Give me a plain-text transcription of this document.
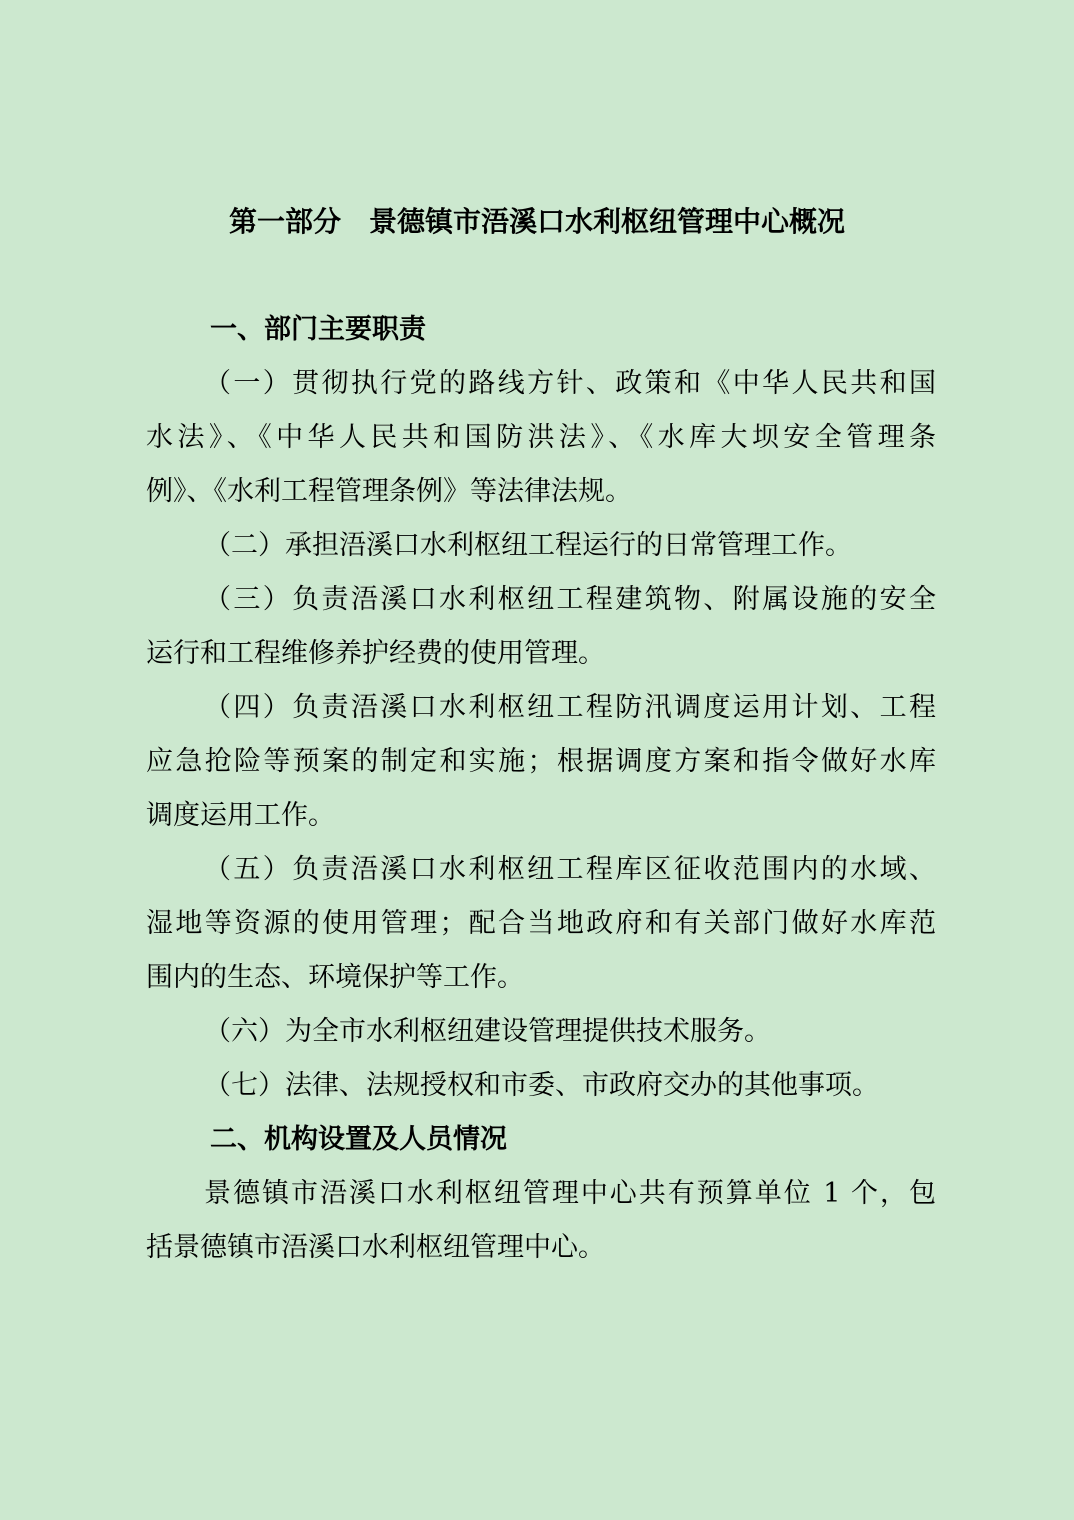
第一部分　景德镇市浯溪口水利枢纽管理中心概况
一、部门主要职责
（一）贯彻执行党的路线方针、政策和《中华人民共和国
水法》、《中华人民共和国防洪法》、《水库大坝安全管理条
例》、《水利工程管理条例》等法律法规。
（二）承担浯溪口水利枢纽工程运行的日常管理工作。
（三）负责浯溪口水利枢纽工程建筑物、附属设施的安全
运行和工程维修养护经费的使用管理。
（四）负责浯溪口水利枢纽工程防汛调度运用计划、工程
应急抢险等预案的制定和实施；根据调度方案和指令做好水库
调度运用工作。
（五）负责浯溪口水利枢纽工程库区征收范围内的水域、
湿地等资源的使用管理；配合当地政府和有关部门做好水库范
围内的生态、环境保护等工作。
（六）为全市水利枢纽建设管理提供技术服务。
（七）法律、法规授权和市委、市政府交办的其他事项。
二、机构设置及人员情况
景德镇市浯溪口水利枢纽管理中心共有预算单位 1 个，包
括景德镇市浯溪口水利枢纽管理中心。
